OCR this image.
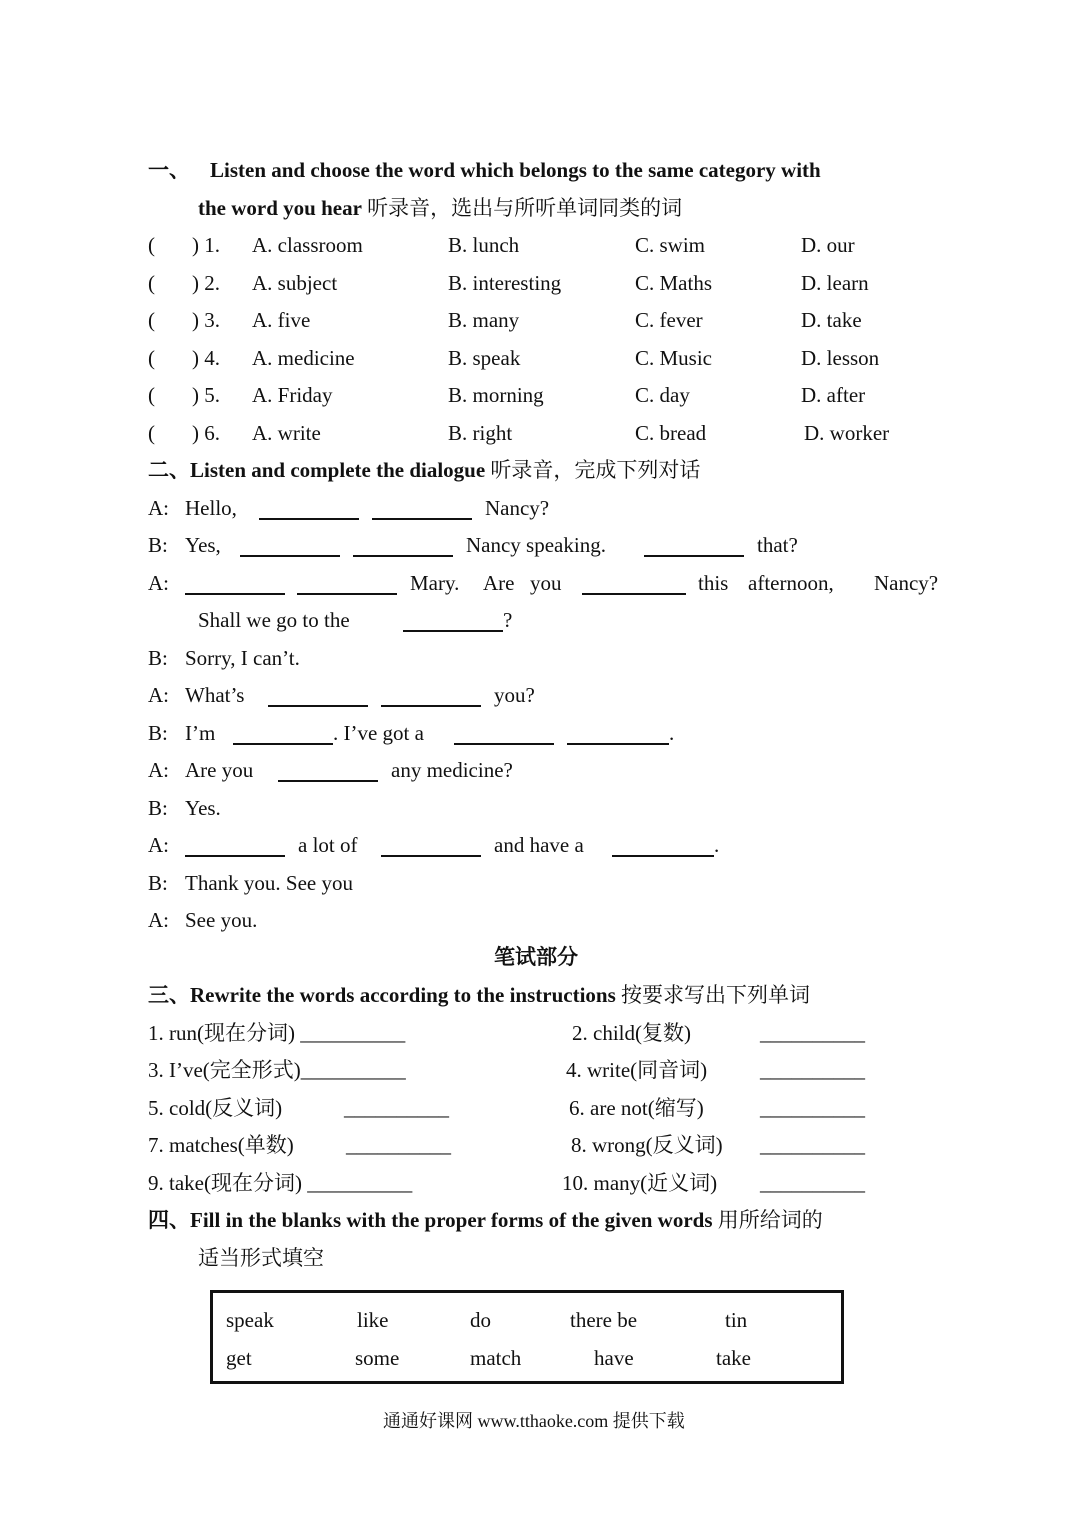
一、 Listen and choose the word which belongs to the same category with
the word you hear 听录音，选出与所听单词同类的词
( ) 1. A. classroom	B. lunch	C. swim	D. our
( ) 2. A. subject	B. interesting	C. Maths	D. learn
( ) 3. A. five	B. many	C. fever	D. take
( ) 4. A. medicine	B. speak	C. Music	D. lesson
( ) 5. A. Friday	B. morning	C. day	D. after
( ) 6. A. write	B. right	C. bread	D. worker
二、Listen and complete the dialogue 听录音，完成下列对话
A: Hello,	Nancy?
B: Yes,	Nancy speaking.	that?
A:	Mary. Are you	this afternoon, Nancy?
Shall we go to the	?
B: Sorry, I can’t.
A: What’s	you?
B: I’m	. I’ve got a	.
A: Are you	any medicine?
B: Yes.
A:	a lot of	and have a	.
B: Thank you. See you
A: See you.
笔试部分
三、Rewrite the words according to the instructions 按要求写出下列单词
1. run(现在分词) __________	2. child(复数)	__________
3. I’ve(完全形式)__________	4. write(同音词)	__________
5. cold(反义词)	__________	6. are not(缩写)	__________
7. matches(单数) __________	8. wrong(反义词) __________
9. take(现在分词) __________	10. many(近义词) __________
四、Fill in the blanks with the proper forms of the given words 用所给词的
适当形式填空
speak	like	do	there be	tin
get	some	match	have	take
通通好课网 www.tthaoke.com 提供下载
